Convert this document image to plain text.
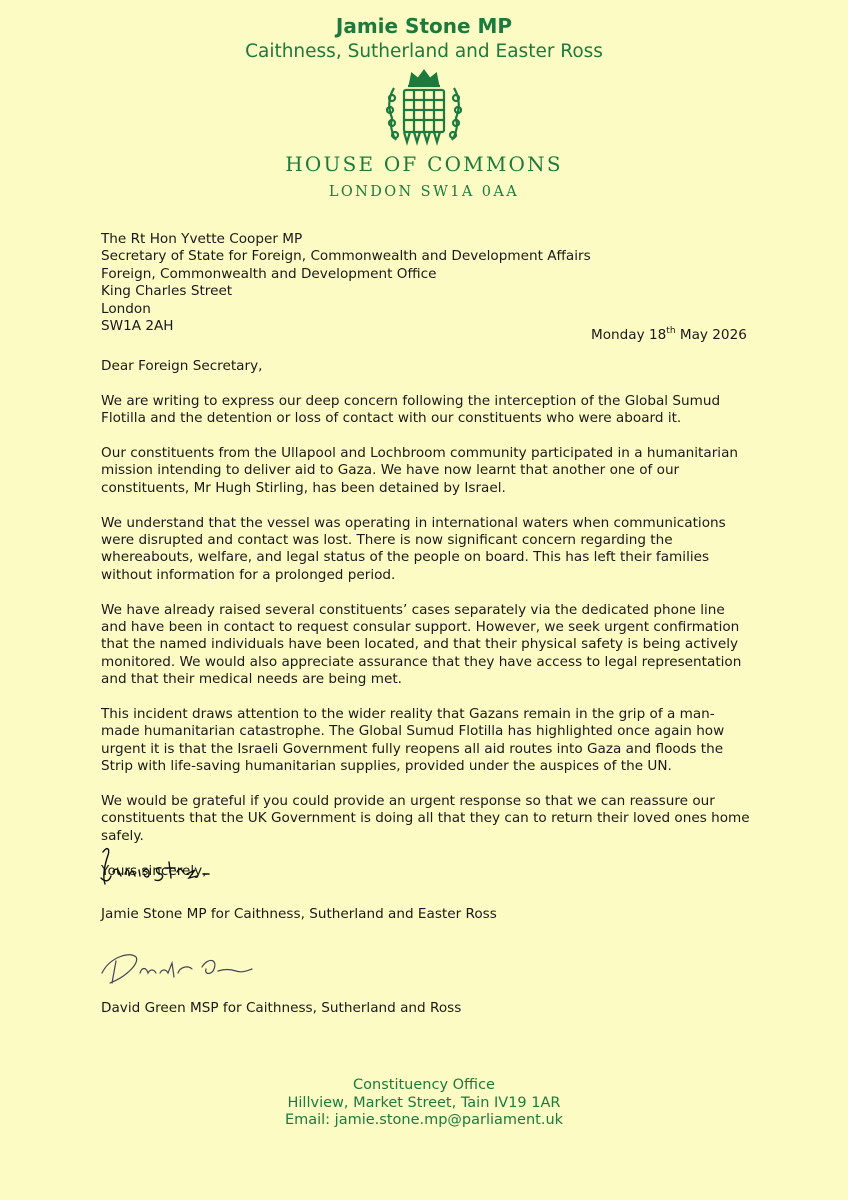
Jamie Stone MP
Caithness, Sutherland and Easter Ross
HOUSE OF COMMONS
LONDON SW1A 0AA
The Rt Hon Yvette Cooper MP
Secretary of State for Foreign, Commonwealth and Development Affairs
Foreign, Commonwealth and Development Office
King Charles Street
London
SW1A 2AH
Monday 18th May 2026

Dear Foreign Secretary,

We are writing to express our deep concern following the interception of the Global Sumud Flotilla and the detention or loss of contact with our constituents who were aboard it.

Our constituents from the Ullapool and Lochbroom community participated in a humanitarian mission intending to deliver aid to Gaza. We have now learnt that another one of our constituents, Mr Hugh Stirling, has been detained by Israel.

We understand that the vessel was operating in international waters when communications were disrupted and contact was lost. There is now significant concern regarding the whereabouts, welfare, and legal status of the people on board. This has left their families without information for a prolonged period.

We have already raised several constituents’ cases separately via the dedicated phone line and have been in contact to request consular support. However, we seek urgent confirmation that the named individuals have been located, and that their physical safety is being actively monitored. We would also appreciate assurance that they have access to legal representation and that their medical needs are being met.

This incident draws attention to the wider reality that Gazans remain in the grip of a man-made humanitarian catastrophe. The Global Sumud Flotilla has highlighted once again how urgent it is that the Israeli Government fully reopens all aid routes into Gaza and floods the Strip with life-saving humanitarian supplies, provided under the auspices of the UN.

We would be grateful if you could provide an urgent response so that we can reassure our constituents that the UK Government is doing all that they can to return their loved ones home safely.

Yours sincerely,

Jamie Stone MP for Caithness, Sutherland and Easter Ross
David Green MSP for Caithness, Sutherland and Ross
Constituency Office
Hillview, Market Street, Tain IV19 1AR
Email: jamie.stone.mp@parliament.uk
